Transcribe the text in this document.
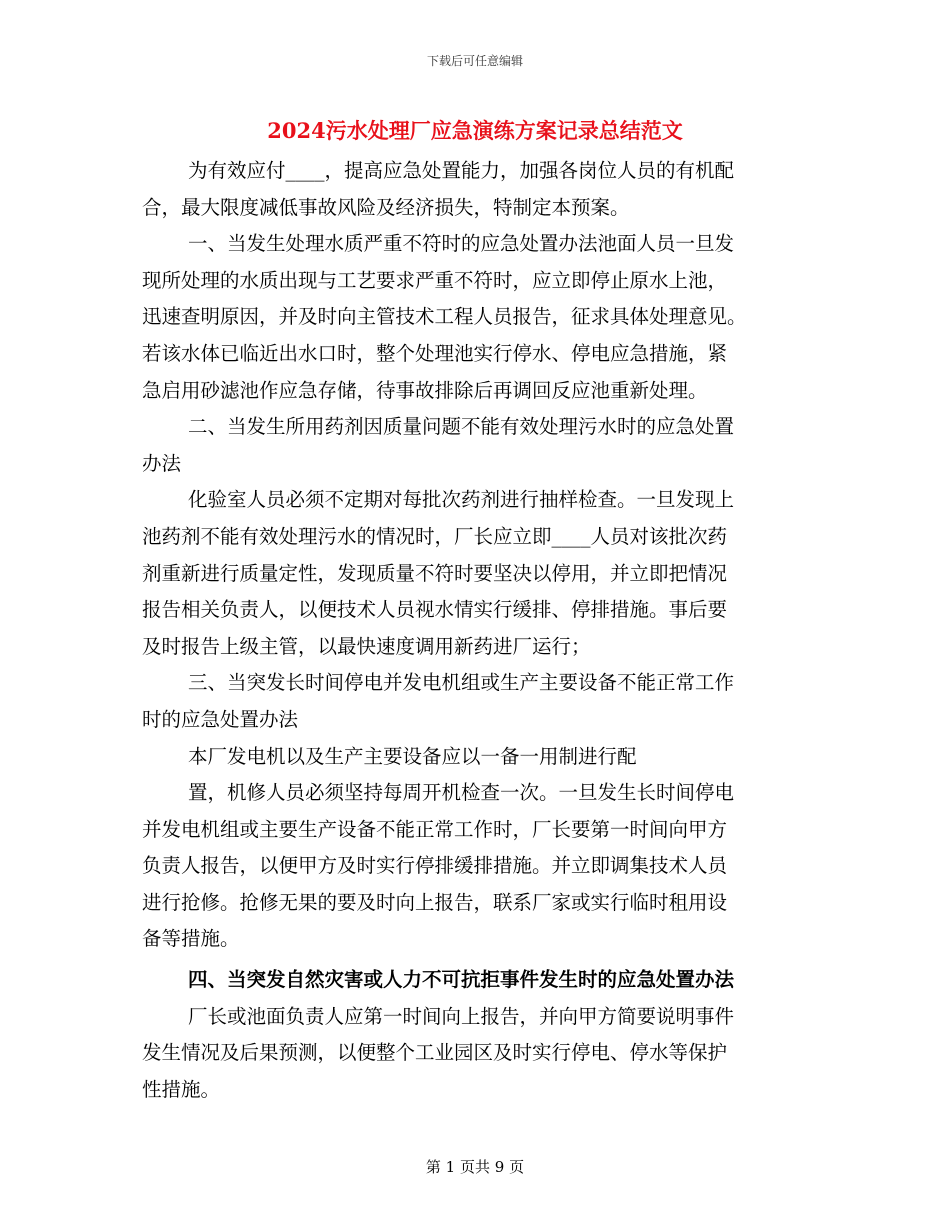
下载后可任意编辑
2024污水处理厂应急演练方案记录总结范文
为有效应付____，提高应急处置能力，加强各岗位人员的有机配
合，最大限度减低事故风险及经济损失，特制定本预案。
一、当发生处理水质严重不符时的应急处置办法池面人员一旦发
现所处理的水质出现与工艺要求严重不符时，应立即停止原水上池，
迅速查明原因，并及时向主管技术工程人员报告，征求具体处理意见。
若该水体已临近出水口时，整个处理池实行停水、停电应急措施，紧
急启用砂滤池作应急存储，待事故排除后再调回反应池重新处理。
二、当发生所用药剂因质量问题不能有效处理污水时的应急处置
办法
化验室人员必须不定期对每批次药剂进行抽样检查。一旦发现上
池药剂不能有效处理污水的情况时，厂长应立即____人员对该批次药
剂重新进行质量定性，发现质量不符时要坚决以停用，并立即把情况
报告相关负责人，以便技术人员视水情实行缓排、停排措施。事后要
及时报告上级主管，以最快速度调用新药进厂运行；
三、当突发长时间停电并发电机组或生产主要设备不能正常工作
时的应急处置办法
本厂发电机以及生产主要设备应以一备一用制进行配
置，机修人员必须坚持每周开机检查一次。一旦发生长时间停电
并发电机组或主要生产设备不能正常工作时，厂长要第一时间向甲方
负责人报告，以便甲方及时实行停排缓排措施。并立即调集技术人员
进行抢修。抢修无果的要及时向上报告，联系厂家或实行临时租用设
备等措施。
四、当突发自然灾害或人力不可抗拒事件发生时的应急处置办法
厂长或池面负责人应第一时间向上报告，并向甲方简要说明事件
发生情况及后果预测，以便整个工业园区及时实行停电、停水等保护
性措施。
第 1 页共 9 页
